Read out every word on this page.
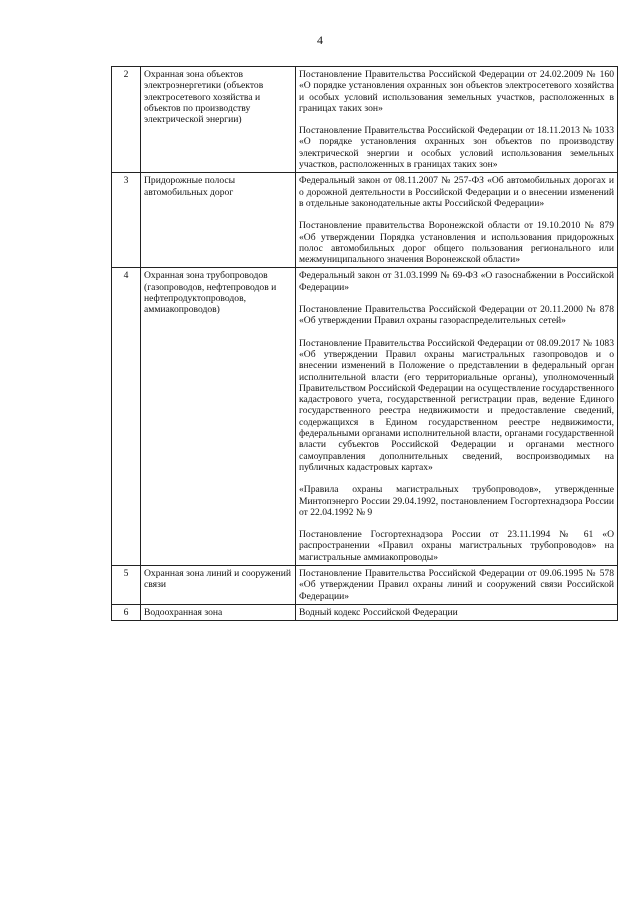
4
2	Охранная зона объектов электроэнергетики (объектов электросетевого хозяйства и объектов по производству электрической энергии)	Постановление Правительства Российской Федерации от 24.02.2009 № 160 «О порядке установления охранных зон объектов электросетевого хозяйства и особых условий использования земельных участков, расположенных в границах таких зон»
Постановление Правительства Российской Федерации от 18.11.2013 № 1033 «О порядке установления охранных зон объектов по производству электрической энергии и особых условий использования земельных участков, расположенных в границах таких зон»

3	Придорожные полосы автомобильных дорог	Федеральный закон от 08.11.2007 № 257-ФЗ «Об автомобильных дорогах и о дорожной деятельности в Российской Федерации и о внесении изменений в отдельные законодательные акты Российской Федерации»
Постановление правительства Воронежской области от 19.10.2010 № 879 «Об утверждении Порядка установления и использования придорожных полос автомобильных дорог общего пользования регионального или межмуниципального значения Воронежской области»

4	Охранная зона трубопроводов (газопроводов, нефтепроводов и нефтепродуктопроводов, аммиакопроводов)	Федеральный закон от 31.03.1999 № 69-ФЗ «О газоснабжении в Российской Федерации»
Постановление Правительства Российской Федерации от 20.11.2000 № 878 «Об утверждении Правил охраны газораспределительных сетей»
Постановление Правительства Российской Федерации от 08.09.2017 № 1083 «Об утверждении Правил охраны магистральных газопроводов и о внесении изменений в Положение о представлении в федеральный орган исполнительной власти (его территориальные органы), уполномоченный Правительством Российской Федерации на осуществление государственного кадастрового учета, государственной регистрации прав, ведение Единого государственного реестра недвижимости и предоставление сведений, содержащихся в Едином государственном реестре недвижимости, федеральными органами исполнительной власти, органами государственной власти субъектов Российской Федерации и органами местного самоуправления дополнительных сведений, воспроизводимых на публичных кадастровых картах»
«Правила охраны магистральных трубопроводов», утвержденные Минтопэнерго России 29.04.1992, постановлением Госгортехнадзора России от 22.04.1992 № 9
Постановление Госгортехнадзора России от 23.11.1994 № 61 «О распространении «Правил охраны магистральных трубопроводов» на магистральные аммиакопроводы»

5	Охранная зона линий и сооружений связи	Постановление Правительства Российской Федерации от 09.06.1995 № 578 «Об утверждении Правил охраны линий и сооружений связи Российской Федерации»

6	Водоохранная зона	Водный кодекс Российской Федерации
